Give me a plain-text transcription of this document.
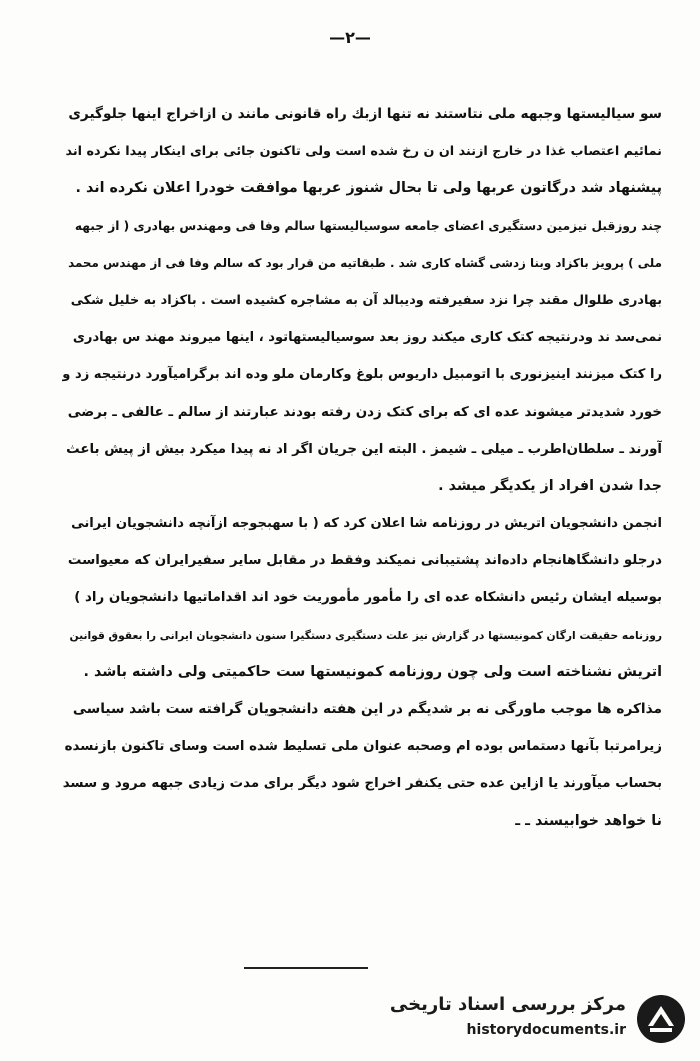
—۲—
سو سیالیستها وجبهه ملی نتاستند نه تنها ازبك راه قانونی مانند ن ازاخراج اینها جلوگیری
نمائیم اعتصاب غذا در خارج ازنند ان ن رخ شده است ولی تاکنون جائی برای اینکار پیدا نکرده اند
پیشنهاد شد درگاتون عربها ولی تا بحال شنوز عربها موافقت خودرا اعلان نکرده اند .
چند روزقبل نیزمین دستگیری اعضای جامعه سوسیالیستها سالم وفا فی ومهندس بهادری ( از جبهه
ملی ) پرویز باکزاد وبنا زدشی گشاه کاری شد . طبقاتیه من قرار بود که سالم وفا فی از مهندس محمد
بهادری طلوال مقند چرا نزد سفیرفته ودیبالد آن به مشاجره کشیده است . باکزاد به خلیل شکی
نمی‌سد ند ودرنتیجه کتک کاری میکند روز بعد سوسیالیستهاتود ، اینها میروند مهند س بهادری
را کتک میزنند اینیزنوری با اتومبیل داریوس بلوغ وکارمان ملو وده اند برگرامیآورد درنتیجه زد و
خورد شدیدتر میشوند عده ای که برای کتک زدن رفته بودند عبارتند از سالم ـ عالفی ـ برضی
آورند ـ سلطان‌اطرب ـ میلی ـ شیمز . البته این جریان اگر اد نه پیدا میکرد بیش از پیش باعث
جدا شدن افراد از یکدیگر میشد .
انجمن دانشجویان اتریش در روزنامه شا اعلان کرد که ( با سهبجوجه ازآنچه دانشجویان ایرانی
درجلو دانشگاهانجام داده‌اند پشتیبانی نمیکند وفقط در مقابل سایر سفیرایران که معیواست
بوسیله ایشان رئیس دانشکاه عده ای را مأمور مأموریت خود اند اقداماتیها دانشجویان راد )
روزنامه حقیقت ارگان کمونیستها در گزارش نیز علت دستگیری دستگیرا سنون دانشجویان ایرانی را بعقوق قوانین
اتریش نشناخته است ولی چون روزنامه کمونیستها ست حاکمیتی ولی داشته باشد .
مذاکره ها موجب ماورگی نه بر شدیگم در این هفته دانشجویان گرافته ست باشد سیاسی
زیرامرتبا بآنها دستماس بوده ام وصحبه عنوان ملی تسلیط شده است وسای تاکنون بازنسده
بحساب میآورند یا ازاین عده حتی یکنفر اخراج شود دیگر برای مدت زیادی جبهه مرود و سسد
نا خواهد خوابیسند ـ ـ
مرکز بررسی اسناد تاریخی
historydocuments.ir
